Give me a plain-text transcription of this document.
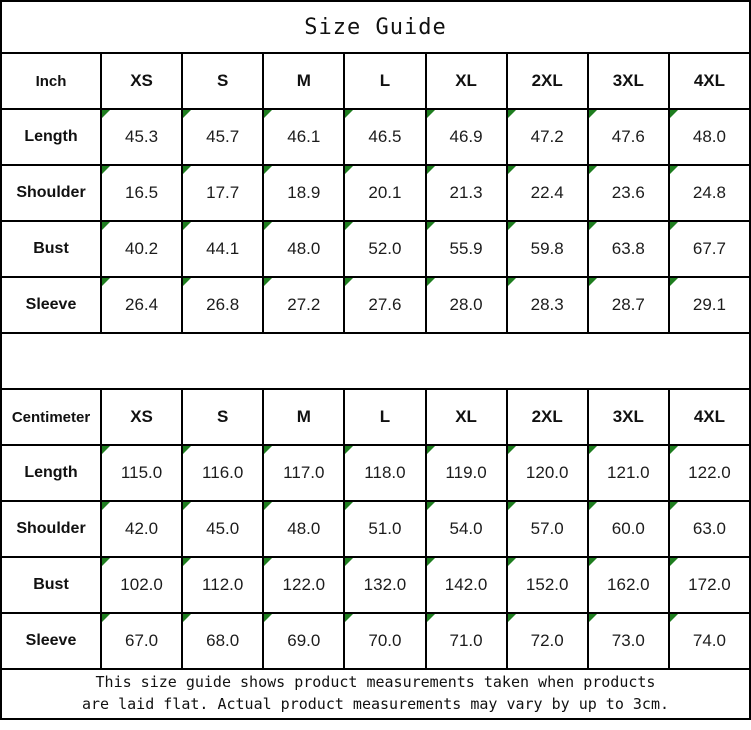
Size Guide								
Inch	XS	S	M	L	XL	2XL	3XL	4XL
Length	45.3	45.7	46.1	46.5	46.9	47.2	47.6	48.0
Shoulder	16.5	17.7	18.9	20.1	21.3	22.4	23.6	24.8
Bust	40.2	44.1	48.0	52.0	55.9	59.8	63.8	67.7
Sleeve	26.4	26.8	27.2	27.6	28.0	28.3	28.7	29.1

Centimeter	XS	S	M	L	XL	2XL	3XL	4XL
Length	115.0	116.0	117.0	118.0	119.0	120.0	121.0	122.0
Shoulder	42.0	45.0	48.0	51.0	54.0	57.0	60.0	63.0
Bust	102.0	112.0	122.0	132.0	142.0	152.0	162.0	172.0
Sleeve	67.0	68.0	69.0	70.0	71.0	72.0	73.0	74.0

This size guide shows product measurements taken when products
are laid flat. Actual product measurements may vary by up to 3cm.								
